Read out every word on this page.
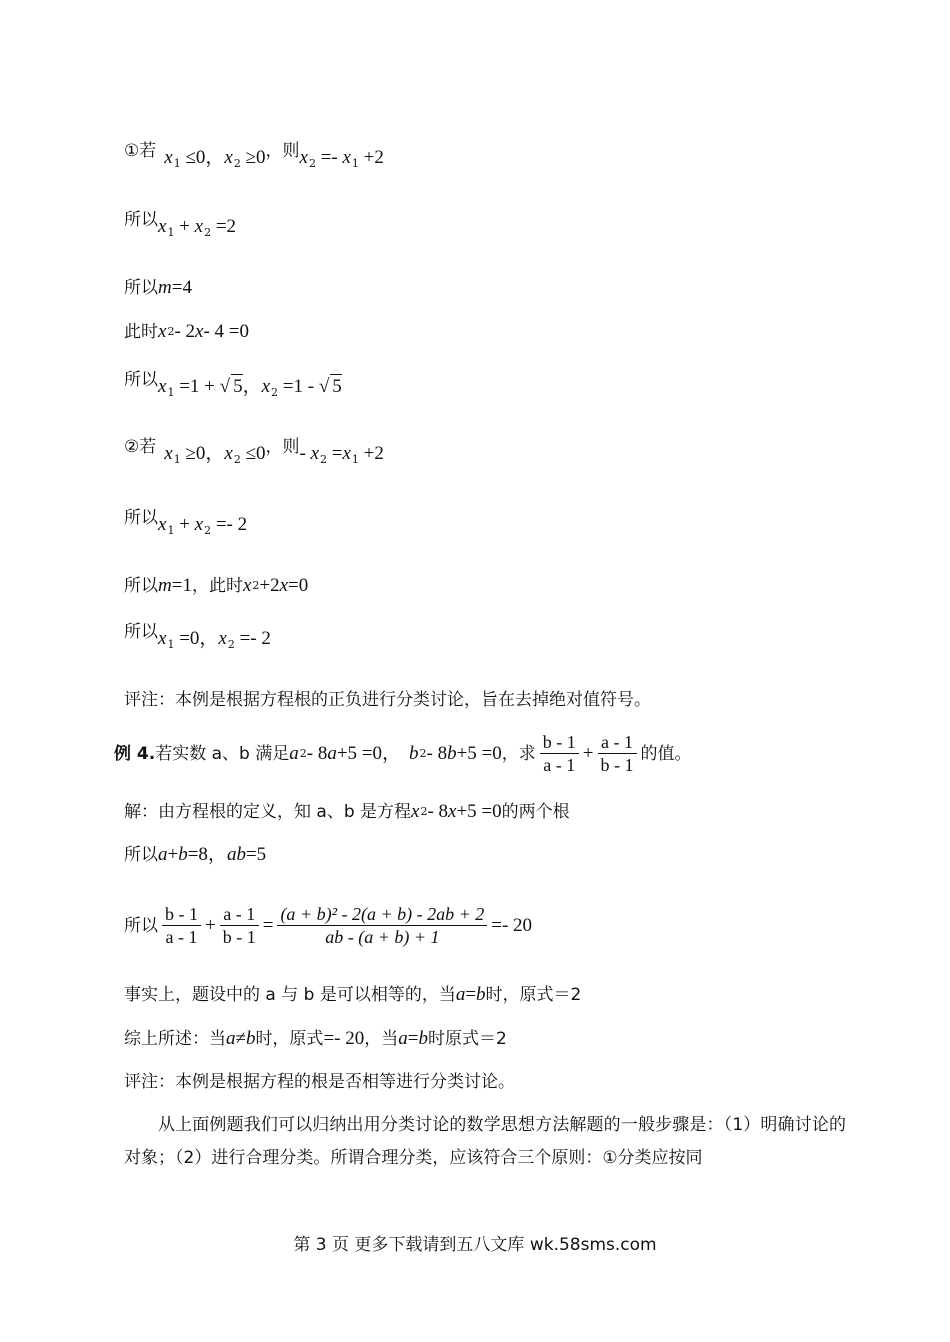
①若 $x_1 \le 0$，$x_2 \ge 0$ ，则 $x_2 =- x_1 +2$
所以 $x_1 + x_2 =2$
所以 m =4
此时 x 2 - 2 x - 4 =0
所以 $x_1 =1$ + √ 5，$x_2 =1$ - √ 5
②若 $x_1 \ge 0$，$x_2 \le 0$ ，则 - $x_2 =x_1 +2$
所以 $x_1 + x_2 =- 2$
所以 m =1 ，此时 x 2 +2 x =0
所以 $x_1 =0$，$x_2 =- 2$
评注：本例是根据方程根的正负进行分类讨论，旨在去掉绝对值符号。
例 4. 若实数 a、b 满足 a 2 - 8 a +5 =0， b 2 - 8 b +5 =0 ，求 $\frac{b - 1}{a - 1} + \frac{a - 1}{b - 1}$ 的值。
解：由方程根的定义，知 a、b 是方程 x 2 - 8 x +5 =0 的两个根
所以 a + b =8， ab =5
所以 $\frac{b - 1}{a - 1} + \frac{a - 1}{b - 1} = \frac{\text{(a + b)² - 2(a + b) - 2ab + 2}}{ab - (a + b) + 1} =- 20$
事实上，题设中的 a 与 b 是可以相等的，当 a = b 时，原式＝2
综上所述：当 a ≠ b 时，原式 =- 20 ，当 a = b 时原式＝2
评注：本例是根据方程的根是否相等进行分类讨论。
从上面例题我们可以归纳出用分类讨论的数学思想方法解题的一般步骤是：（1）明确讨论的对象；（2）进行合理分类。所谓合理分类，应该符合三个原则：①分类应按同
第 3 页 更多下载请到五八文库 wk.58sms.com
